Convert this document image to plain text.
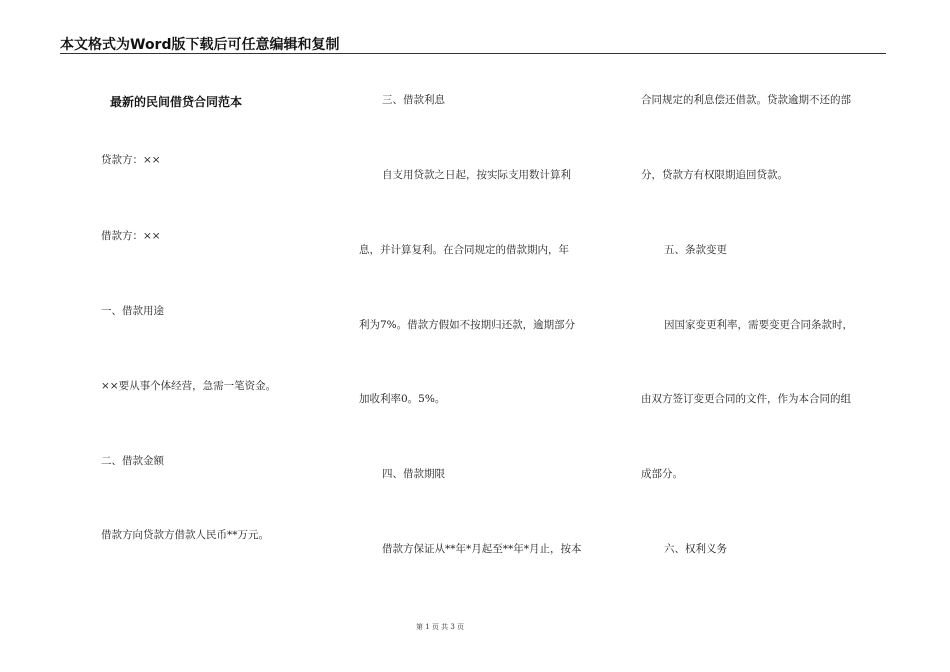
本文格式为Word版下载后可任意编辑和复制
最新的民间借贷合同范本
贷款方：××
借款方：××
一、借款用途
××要从事个体经营，急需一笔资金。
二、借款金额
借款方向贷款方借款人民币**万元。
三、借款利息
自支用贷款之日起，按实际支用数计算利
息，并计算复利。在合同规定的借款期内，年
利为7%。借款方假如不按期归还款，逾期部分
加收利率0。5%。
四、借款期限
借款方保证从**年*月起至**年*月止，按本
合同规定的利息偿还借款。贷款逾期不还的部
分，贷款方有权限期追回贷款。
五、条款变更
因国家变更利率，需要变更合同条款时，
由双方签订变更合同的文件，作为本合同的组
成部分。
六、权利义务
第 1 页 共 3 页
